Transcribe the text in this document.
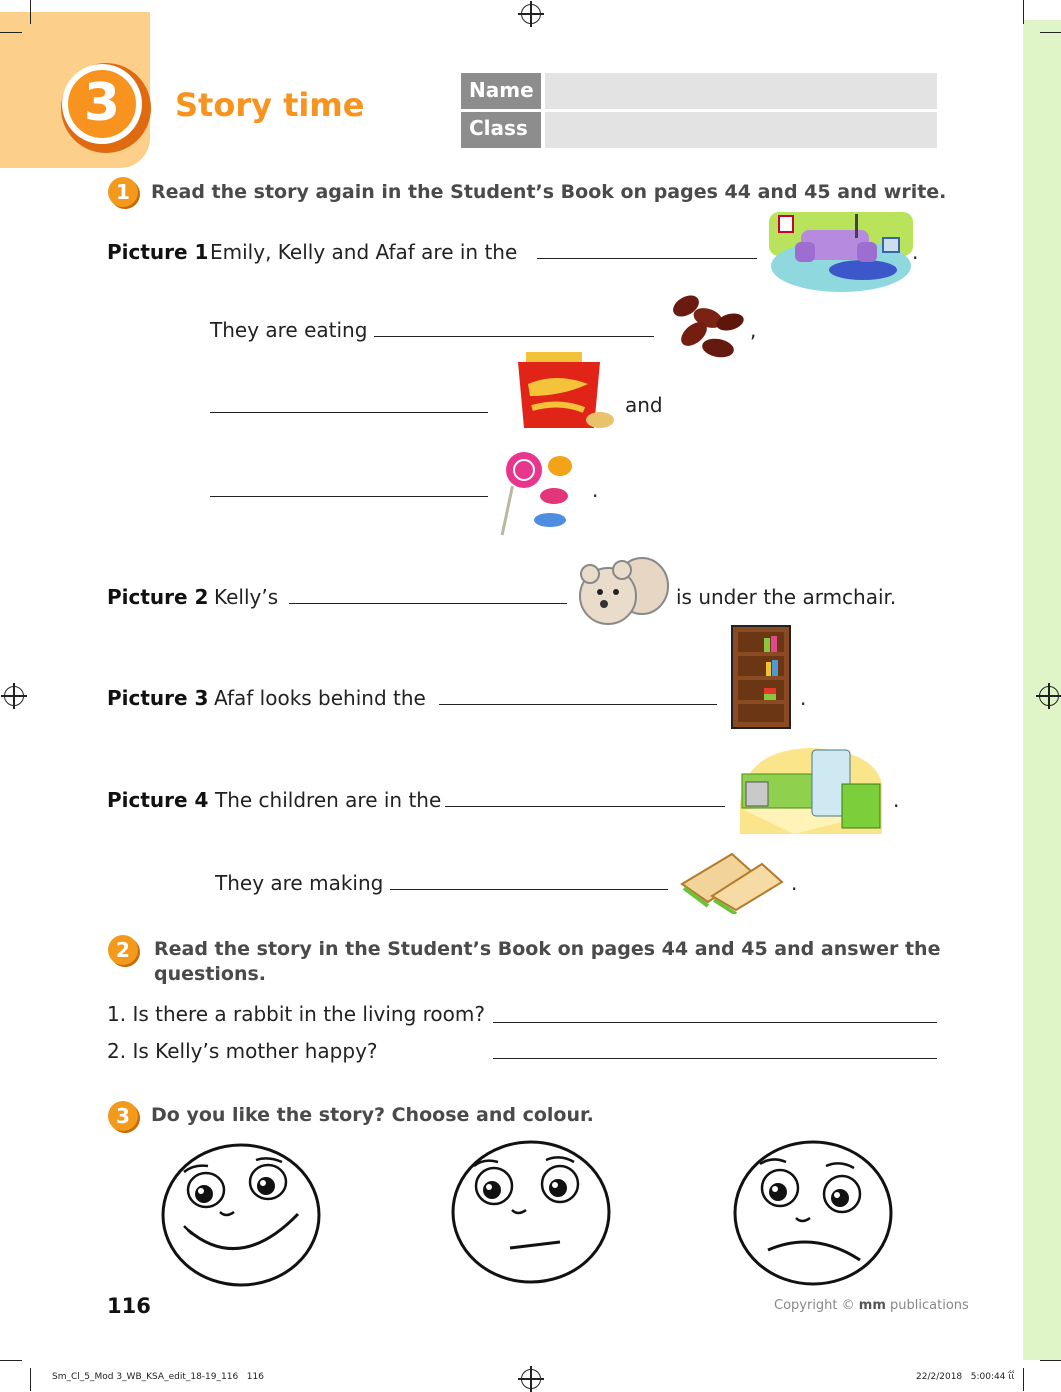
3	Story time	Name
Class
1	Read the story again in the Student’s Book on pages 44 and 45 and write.
Picture 1 Emily, Kelly and Afaf are in the	.
They are eating	,
and
.
Picture 2 Kelly’s	is under the armchair.
Picture 3 Afaf looks behind the	.
Picture 4 The children are in the	.
They are making	.
2	Read the story in the Student’s Book on pages 44 and 45 and answer the
questions.
1. Is there a rabbit in the living room?
2. Is Kelly’s mother happy?
3	Do you like the story? Choose and colour.
116	Copyright © mm publications
Sm_Cl_5_Mod 3_WB_KSA_edit_18-19_116   116	22/2/2018   5:00:44 ΐΐ
